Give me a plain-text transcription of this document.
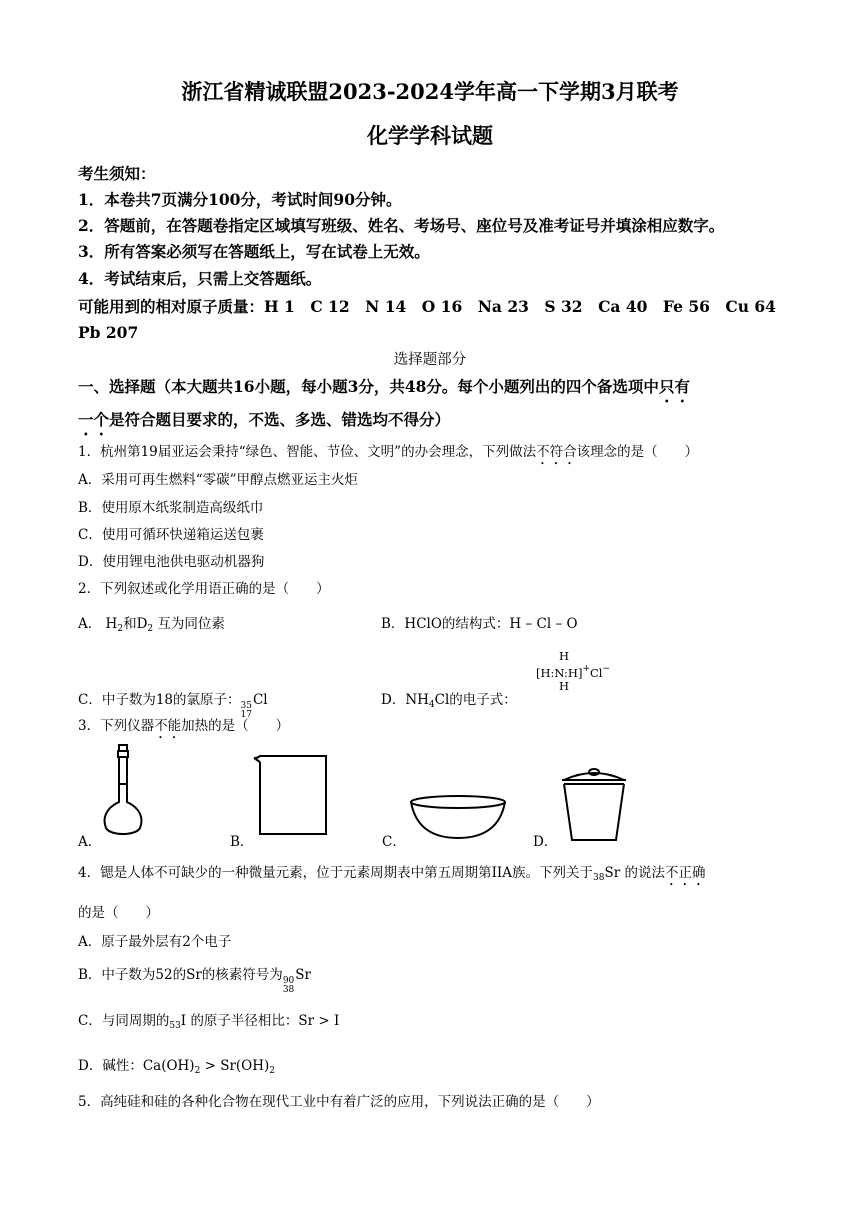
浙江省精诚联盟2023-2024学年高一下学期3月联考
化学学科试题
考生须知：
1．本卷共7页满分100分，考试时间90分钟。
2．答题前，在答题卷指定区域填写班级、姓名、考场号、座位号及准考证号并填涂相应数字。
3．所有答案必须写在答题纸上，写在试卷上无效。
4．考试结束后，只需上交答题纸。
可能用到的相对原子质量：H 1　C 12　N 14　O 16　Na 23　S 32　Ca 40　Fe 56　Cu 64
Pb 207
选择题部分
一、选择题（本大题共16小题，每小题3分，共48分。每个小题列出的四个备选项中只有
一个是符合题目要求的，不选、多选、错选均不得分）
1．杭州第19届亚运会秉持“绿色、智能、节俭、文明”的办会理念，下列做法不符合该理念的是（　　）
A．采用可再生燃料“零碳”甲醇点燃亚运主火炬
B．使用原木纸浆制造高级纸巾
C．使用可循环快递箱运送包裹
D．使用锂电池供电驱动机器狗
2．下列叙述或化学用语正确的是（　　）
A． $H_2$和$D_2$ 互为同位素	B．HClO的结构式：H – Cl – O
C．中子数为18的氯原子： 35
17
Cl	D．$NH_4Cl$的电子式：
H
[H:N:H]+Cl−
H
3．下列仪器不能加热的是（　　）
A．	B．	C．	D．
4．锶是人体不可缺少的一种微量元素，位于元素周期表中第五周期第IIA族。下列关于$_{38}$Sr 的说法不正确
的是（　　）
A．原子最外层有2个电子
B．中子数为52的Sr的核素符号为 90
38
Sr
C．与同周期的$_{53}$I 的原子半径相比：Sr > I
D．碱性：$Ca(OH)_2 > Sr(OH)_2$
5．高纯硅和硅的各种化合物在现代工业中有着广泛的应用，下列说法正确的是（　　）
